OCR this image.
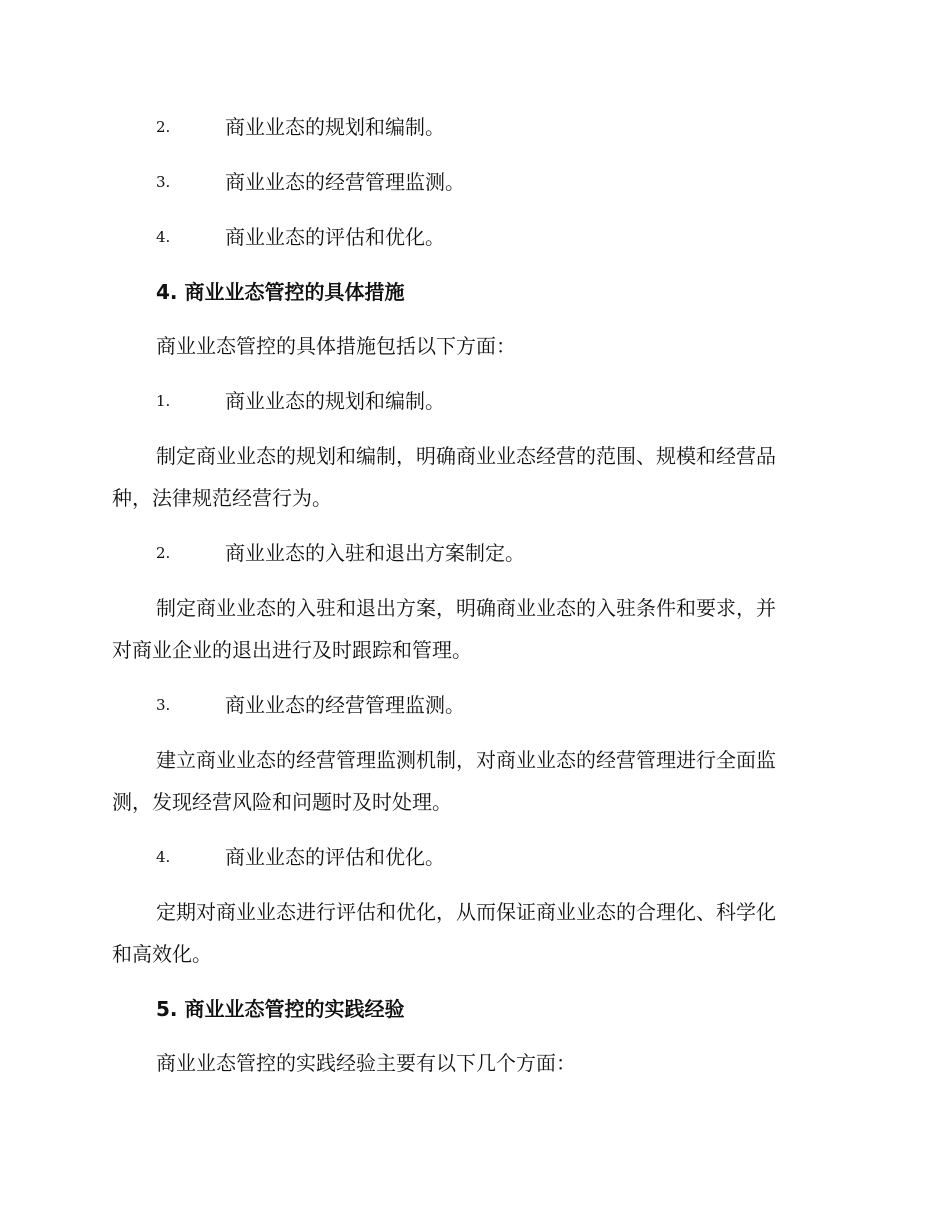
2.	商业业态的规划和编制。
3.	商业业态的经营管理监测。
4.	商业业态的评估和优化。
4. 商业业态管控的具体措施
商业业态管控的具体措施包括以下方面：
1.	商业业态的规划和编制。
制定商业业态的规划和编制，明确商业业态经营的范围、规模和经营品
种，法律规范经营行为。
2.	商业业态的入驻和退出方案制定。
制定商业业态的入驻和退出方案，明确商业业态的入驻条件和要求，并
对商业企业的退出进行及时跟踪和管理。
3.	商业业态的经营管理监测。
建立商业业态的经营管理监测机制，对商业业态的经营管理进行全面监
测，发现经营风险和问题时及时处理。
4.	商业业态的评估和优化。
定期对商业业态进行评估和优化，从而保证商业业态的合理化、科学化
和高效化。
5. 商业业态管控的实践经验
商业业态管控的实践经验主要有以下几个方面：
